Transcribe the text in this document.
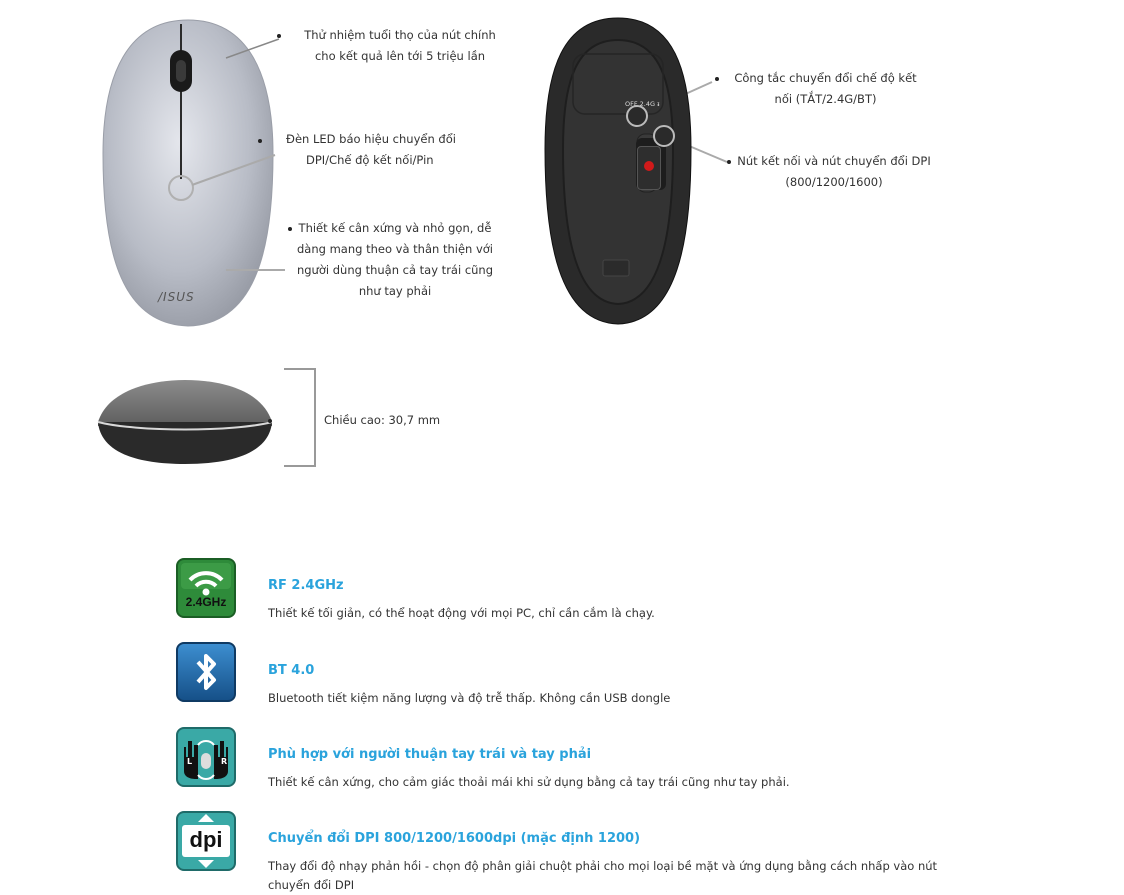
/ISUS
Thử nhiệm tuổi thọ của nút chính
cho kết quả lên tới 5 triệu lần
Đèn LED báo hiệu chuyển đổi
DPI/Chế độ kết nối/Pin
Thiết kế cân xứng và nhỏ gọn, dễ
dàng mang theo và thân thiện với
người dùng thuận cả tay trái cũng
như tay phải
OFF 2.4G ᵻ
Công tắc chuyển đổi chế độ kết
nối (TẮT/2.4G/BT)
Nút kết nối và nút chuyển đổi DPI
(800/1200/1600)
Chiều cao: 30,7 mm
2.4GHz
RF 2.4GHz
Thiết kế tối giản, có thể hoạt động với mọi PC, chỉ cần cắm là chạy.
BT 4.0
Bluetooth tiết kiệm năng lượng và độ trễ thấp. Không cần USB dongle
L	R	Phù hợp với người thuận tay trái và tay phải
Thiết kế cân xứng, cho cảm giác thoải mái khi sử dụng bằng cả tay trái cũng như tay phải.
dpi	Chuyển đổi DPI 800/1200/1600dpi (mặc định 1200)
Thay đổi độ nhạy phản hồi - chọn độ phân giải chuột phải cho mọi loại bề mặt và ứng dụng bằng cách nhấp vào nút
chuyển đổi DPI
